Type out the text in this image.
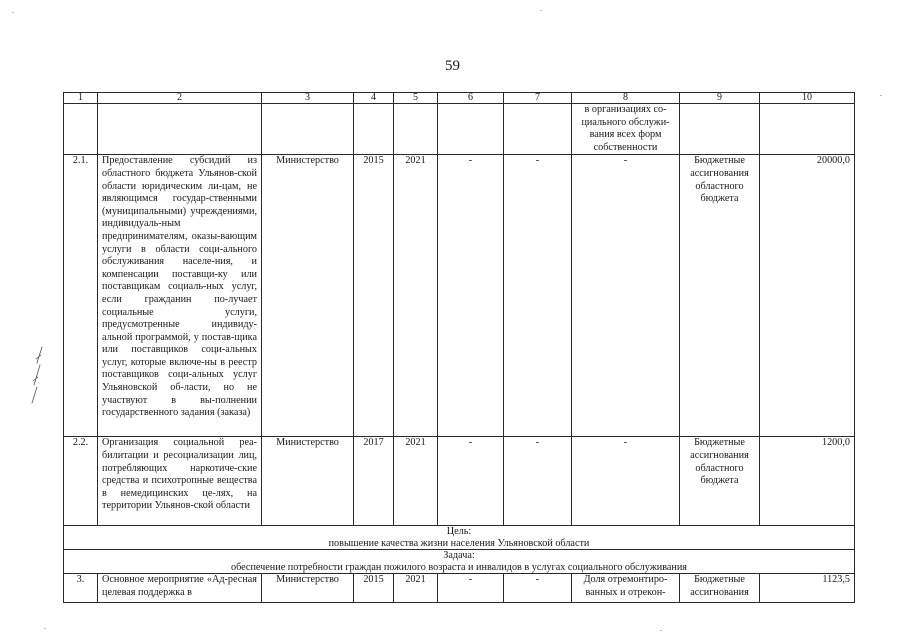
59
1	2	3	4	5	6	7	8	9	10
							в организациях со-циального обслужи-вания всех форм собственности		
2.1.	Предоставление субсидий из областного бюджета Ульянов-ской области юридическим ли-цам, не являющимся государ-ственными (муниципальными) учреждениями, индивидуаль-ным предпринимателям, оказы-вающим услуги в области соци-ального обслуживания населе-ния, и компенсации поставщи-ку или поставщикам социаль-ных услуг, если гражданин по-лучает социальные услуги, предусмотренные индивиду-альной программой, у постав-щика или поставщиков соци-альных услуг, которые включе-ны в реестр поставщиков соци-альных услуг Ульяновской об-ласти, но не участвуют в вы-полнении государственного задания (заказа)	Министерство	2015	2021	-	-	-	Бюджетные ассигнования областного бюджета	20000,0
2.2.	Организация социальной реа-билитации и ресоциализации лиц, потребляющих наркотиче-ские средства и психотропные вещества в немедицинских це-лях, на территории Ульянов-ской области	Министерство	2017	2021	-	-	-	Бюджетные ассигнования областного бюджета	1200,0

Цель:
повышение качества жизни населения Ульяновской области									

Задача:
обеспечение потребности граждан пожилого возраста и инвалидов в услугах социального обслуживания									

3.	Основное мероприятие «Ад-ресная целевая поддержка в	Министерство	2015	2021	-	-	Доля отремонтиро-ванных и отрекон-	Бюджетные ассигнования	1123,5
